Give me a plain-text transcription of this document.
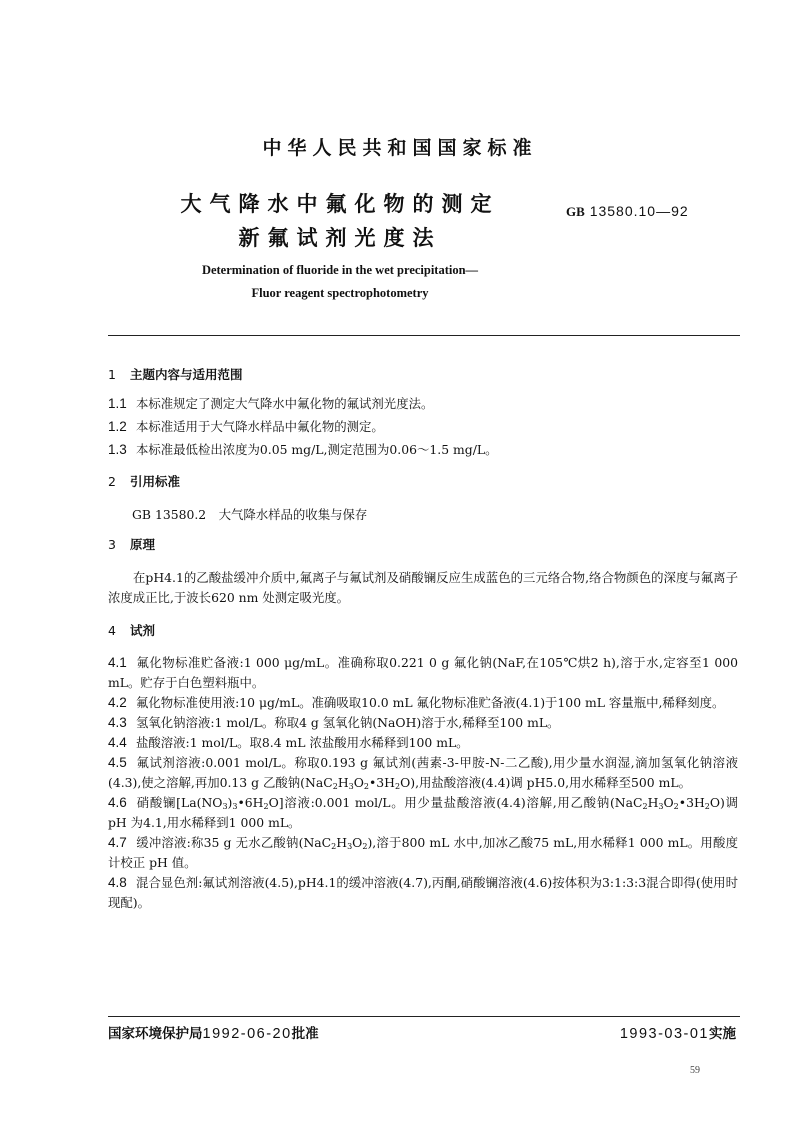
中华人民共和国国家标准
大气降水中氟化物的测定
新氟试剂光度法
GB 13580.10—92
Determination of fluoride in the wet precipitation—
Fluor reagent spectrophotometry

1 主题内容与适用范围

1.1 本标准规定了测定大气降水中氟化物的氟试剂光度法。

1.2 本标准适用于大气降水样品中氟化物的测定。

1.3 本标准最低检出浓度为0.05 mg/L,测定范围为0.06～1.5 mg/L。

2 引用标准

GB 13580.2　大气降水样品的收集与保存

3 原理

在pH4.1的乙酸盐缓冲介质中,氟离子与氟试剂及硝酸镧反应生成蓝色的三元络合物,络合物颜色的深度与氟离子浓度成正比,于波长620 nm 处测定吸光度。

4 试剂

4.1 氟化物标准贮备液:1 000 μg/mL。准确称取0.221 0 g 氟化钠(NaF,在105℃烘2 h),溶于水,定容至1 000 mL。贮存于白色塑料瓶中。

4.2 氟化物标准使用液:10 μg/mL。准确吸取10.0 mL 氟化物标准贮备液(4.1)于100 mL 容量瓶中,稀释刻度。

4.3 氢氧化钠溶液:1 mol/L。称取4 g 氢氧化钠(NaOH)溶于水,稀释至100 mL。

4.4 盐酸溶液:1 mol/L。取8.4 mL 浓盐酸用水稀释到100 mL。

4.5 氟试剂溶液:0.001 mol/L。称取0.193 g 氟试剂(茜素-3-甲胺-N-二乙酸),用少量水润湿,滴加氢氧化钠溶液(4.3),使之溶解,再加0.13 g 乙酸钠$(NaC_2H_3O_2•3H_2O)$,用盐酸溶液(4.4)调 pH5.0,用水稀释至500 mL。

4.6 硝酸镧$[La(NO_3)_3•6H_2O]$溶液:0.001 mol/L。用少量盐酸溶液(4.4)溶解,用乙酸钠$(NaC_2H_3O_2•3H_2O)$调 pH 为4.1,用水稀释到1 000 mL。

4.7 缓冲溶液:称35 g 无水乙酸钠$(NaC_2H_3O_2)$,溶于800 mL 水中,加冰乙酸75 mL,用水稀释1 000 mL。用酸度计校正 pH 值。

4.8 混合显色剂:氟试剂溶液(4.5),pH4.1的缓冲溶液(4.7),丙酮,硝酸镧溶液(4.6)按体积为3:1:3:3混合即得(使用时现配)。

国家环境保护局1992-06-20批准	1993-03-01实施
59
